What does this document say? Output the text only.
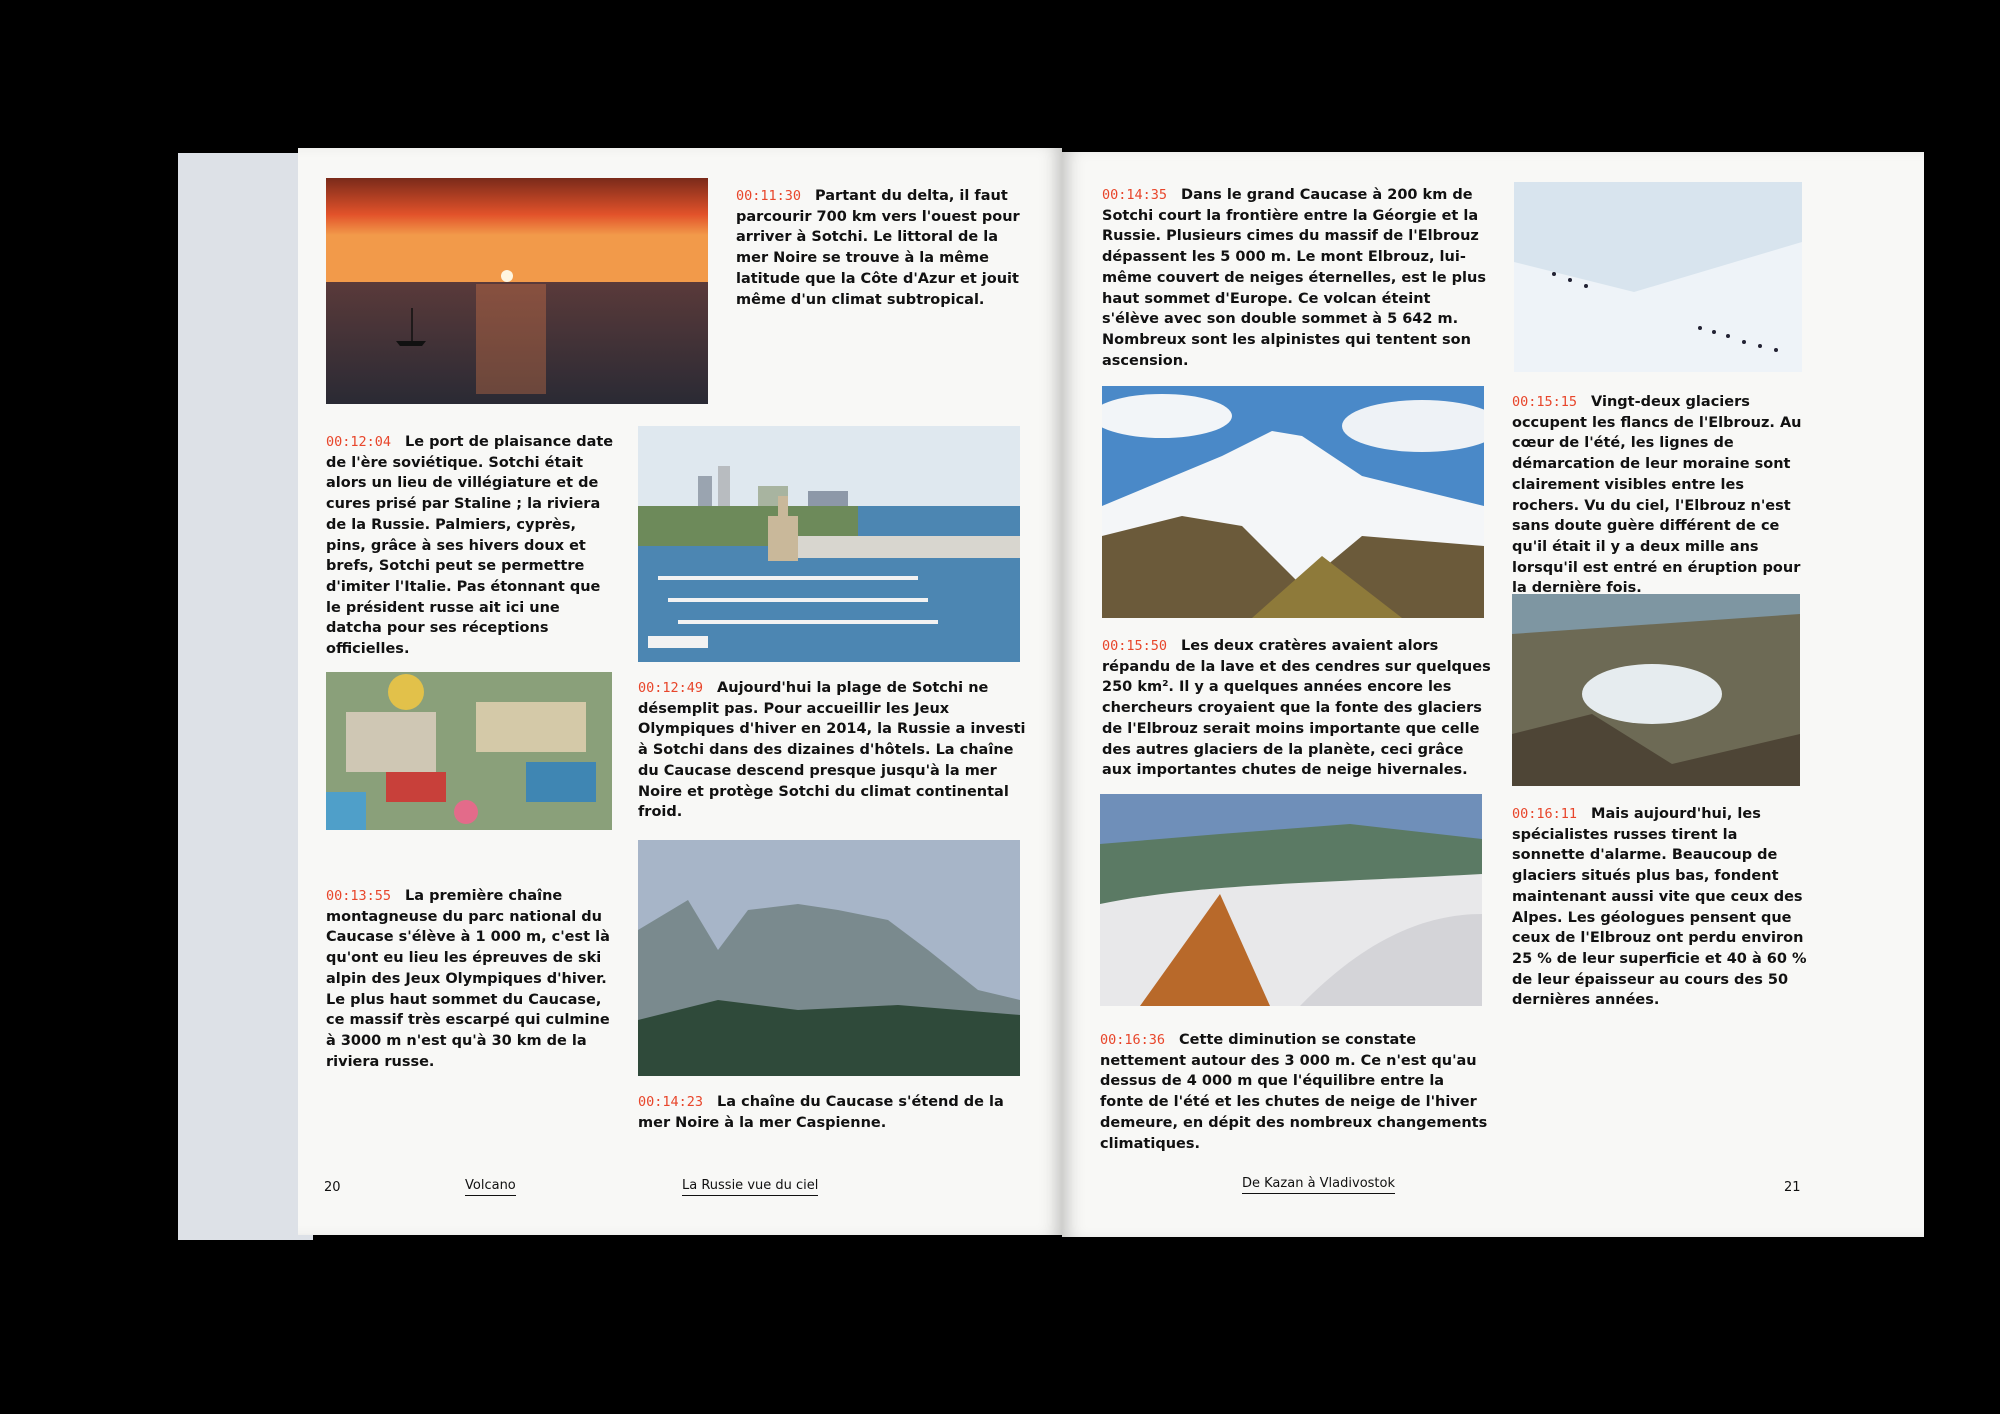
00:11:30 Partant du delta, il faut parcourir 700 km vers l'ouest pour arriver à Sotchi. Le littoral de la mer Noire se trouve à la même latitude que la Côte d'Azur et jouit même d'un climat subtropical.
00:12:04 Le port de plaisance date de l'ère soviétique. Sotchi était alors un lieu de villégiature et de cures prisé par Staline ; la riviera de la Russie. Palmiers, cyprès, pins, grâce à ses hivers doux et brefs, Sotchi peut se permettre d'imiter l'Italie. Pas étonnant que le président russe ait ici une datcha pour ses réceptions officielles.
00:12:49 Aujourd'hui la plage de Sotchi ne désemplit pas. Pour accueillir les Jeux Olympiques d'hiver en 2014, la Russie a investi à Sotchi dans des dizaines d'hôtels. La chaîne du Caucase descend presque jusqu'à la mer Noire et protège Sotchi du climat continental froid.
00:13:55 La première chaîne montagneuse du parc national du Caucase s'élève à 1 000 m, c'est là qu'ont eu lieu les épreuves de ski alpin des Jeux Olympiques d'hiver. Le plus haut sommet du Caucase, ce massif très escarpé qui culmine à 3000 m n'est qu'à 30 km de la riviera russe.
00:14:23 La chaîne du Caucase s'étend de la mer Noire à la mer Caspienne.
20	Volcano	La Russie vue du ciel
00:14:35 Dans le grand Caucase à 200 km de Sotchi court la frontière entre la Géorgie et la Russie. Plusieurs cimes du massif de l'Elbrouz dépassent les 5 000 m. Le mont Elbrouz, lui-même couvert de neiges éternelles, est le plus haut sommet d'Europe. Ce volcan éteint s'élève avec son double sommet à 5 642 m. Nombreux sont les alpinistes qui tentent son ascension.
00:15:15 Vingt-deux glaciers occupent les flancs de l'Elbrouz. Au cœur de l'été, les lignes de démarcation de leur moraine sont clairement visibles entre les rochers. Vu du ciel, l'Elbrouz n'est sans doute guère différent de ce qu'il était il y a deux mille ans lorsqu'il est entré en éruption pour la dernière fois.
00:15:50 Les deux cratères avaient alors répandu de la lave et des cendres sur quelques 250 km². Il y a quelques années encore les chercheurs croyaient que la fonte des glaciers de l'Elbrouz serait moins importante que celle des autres glaciers de la planète, ceci grâce aux importantes chutes de neige hivernales.
00:16:11 Mais aujourd'hui, les spécialistes russes tirent la sonnette d'alarme. Beaucoup de glaciers situés plus bas, fondent maintenant aussi vite que ceux des Alpes. Les géologues pensent que ceux de l'Elbrouz ont perdu environ 25 % de leur superficie et 40 à 60 % de leur épaisseur au cours des 50 dernières années.
00:16:36 Cette diminution se constate nettement autour des 3 000 m. Ce n'est qu'au dessus de 4 000 m que l'équilibre entre la fonte de l'été et les chutes de neige de l'hiver demeure, en dépit des nombreux changements climatiques.
De Kazan à Vladivostok	21
